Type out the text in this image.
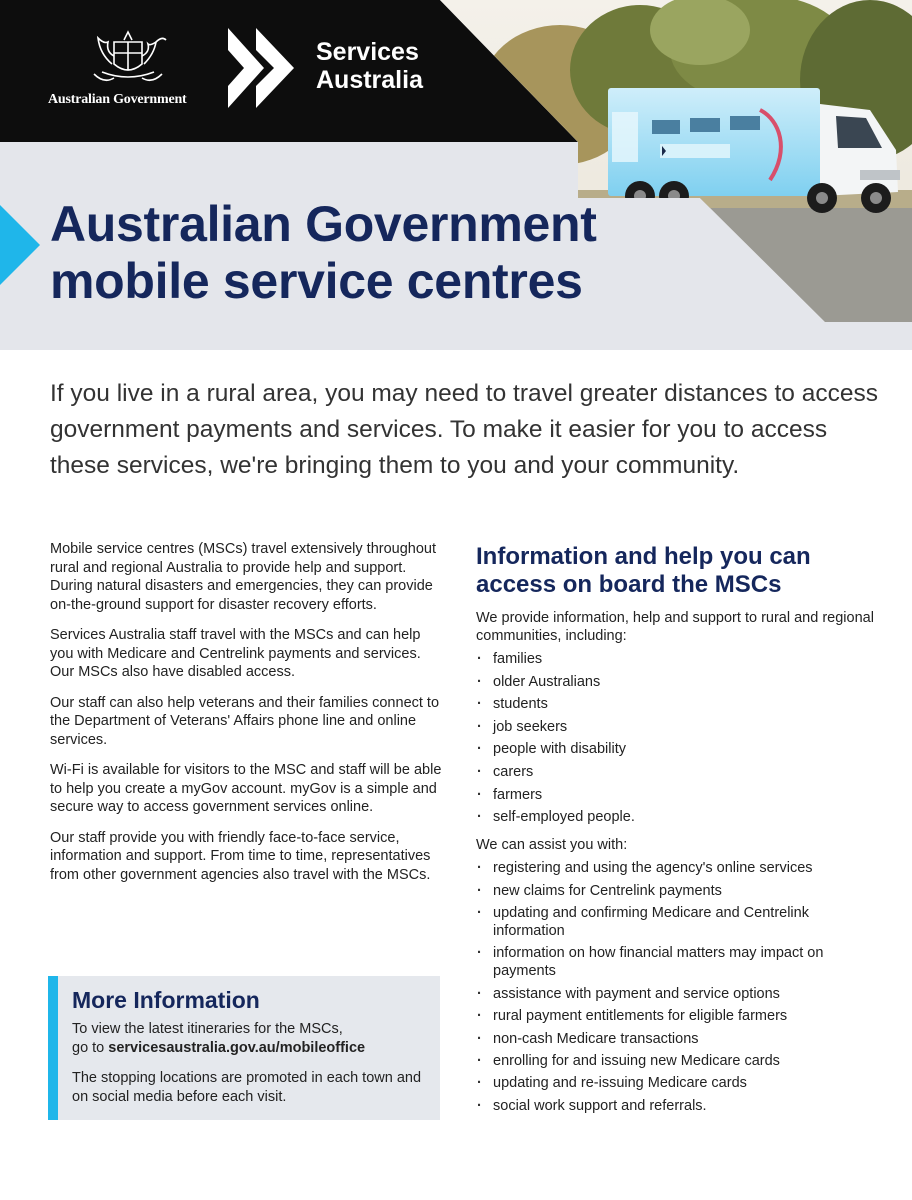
Australian Government
Services
Australia
Australian Government
mobile service centres

If you live in a rural area, you may need to travel greater distances to access government payments and services. To make it easier for you to access these services, we're bringing them to you and your community.

Mobile service centres (MSCs) travel extensively throughout rural and regional Australia to provide help and support. During natural disasters and emergencies, they can provide on-the-ground support for disaster recovery efforts.

Services Australia staff travel with the MSCs and can help you with Medicare and Centrelink payments and services. Our MSCs also have disabled access.

Our staff can also help veterans and their families connect to the Department of Veterans' Affairs phone line and online services.

Wi-Fi is available for visitors to the MSC and staff will be able to help you create a myGov account. myGov is a simple and secure way to access government services online.

Our staff provide you with friendly face-to-face service, information and support. From time to time, representatives from other government agencies also travel with the MSCs.

More Information

To view the latest itineraries for the MSCs,
go to servicesaustralia.gov.au/mobileoffice

The stopping locations are promoted in each town and on social media before each visit.

Information and help you can access on board the MSCs

We provide information, help and support to rural and regional communities, including:

· families
· older Australians
· students
· job seekers
· people with disability
· carers
· farmers
· self-employed people.

We can assist you with:

· registering and using the agency's online services
· new claims for Centrelink payments
· updating and confirming Medicare and Centrelink information
· information on how financial matters may impact on payments
· assistance with payment and service options
· rural payment entitlements for eligible farmers
· non-cash Medicare transactions
· enrolling for and issuing new Medicare cards
· updating and re-issuing Medicare cards
· social work support and referrals.
